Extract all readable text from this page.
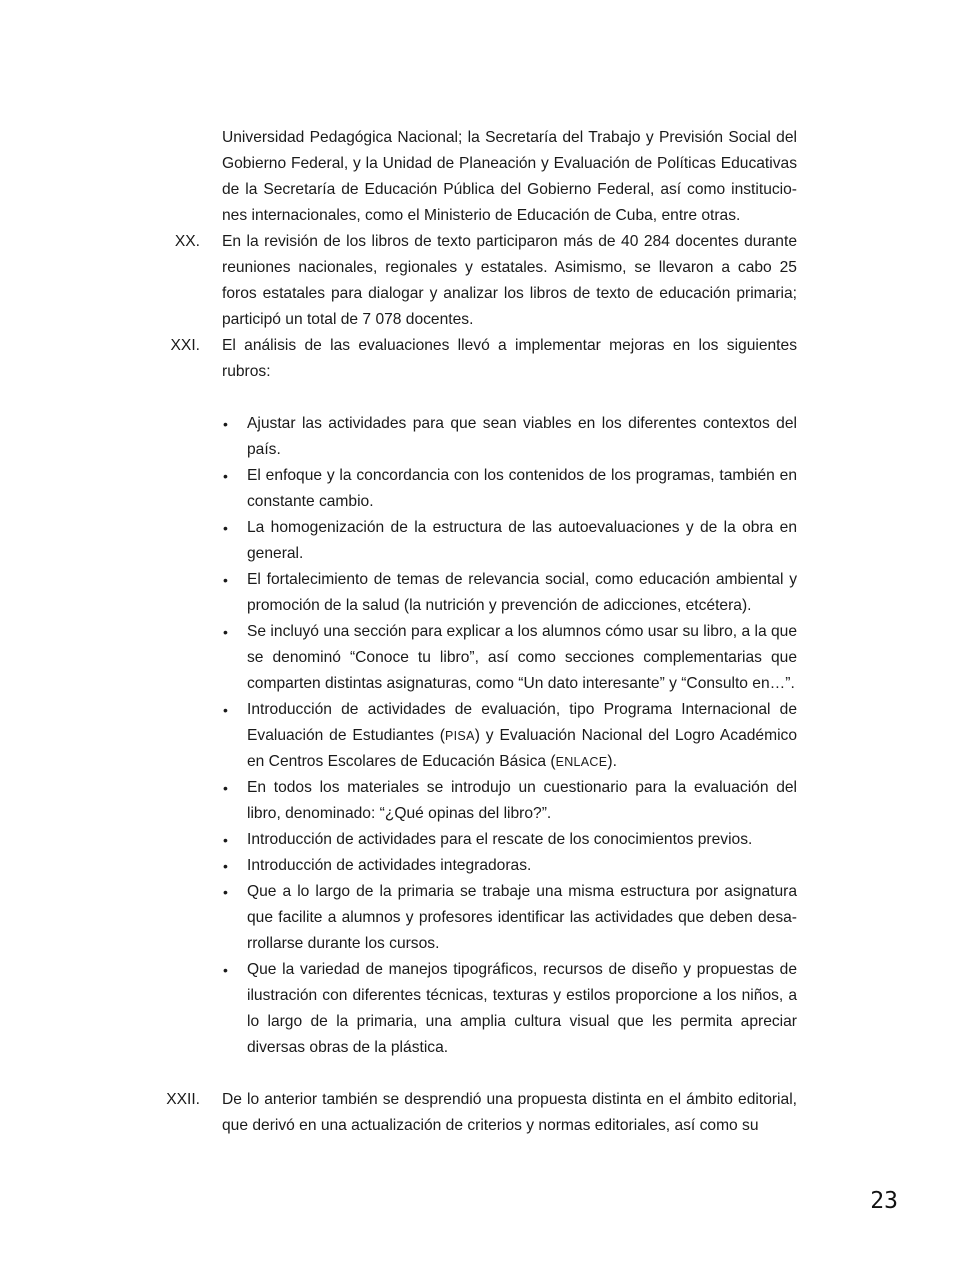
Universidad Pedagógica Nacional; la Secretaría del Trabajo y Previsión Social del Gobierno Federal, y la Unidad de Planeación y Evaluación de Políticas Educativas de la Secretaría de Educación Pública del Gobierno Federal, así como instituciones internacionales, como el Ministerio de Educación de Cuba, entre otras.

XX. En la revisión de los libros de texto participaron más de 40 284 docentes durante reuniones nacionales, regionales y estatales. Asimismo, se llevaron a cabo 25 foros estatales para dialogar y analizar los libros de texto de educación primaria; participó un total de 7 078 docentes.

XXI. El análisis de las evaluaciones llevó a implementar mejoras en los siguientes rubros:

• Ajustar las actividades para que sean viables en los diferentes contextos del país.
• El enfoque y la concordancia con los contenidos de los programas, también en constante cambio.
• La homogenización de la estructura de las autoevaluaciones y de la obra en general.
• El fortalecimiento de temas de relevancia social, como educación ambiental y promoción de la salud (la nutrición y prevención de adicciones, etcétera).
• Se incluyó una sección para explicar a los alumnos cómo usar su libro, a la que se denominó “Conoce tu libro”, así como secciones complementarias que comparten distintas asignaturas, como “Un dato interesante” y “Consulto en…”.
• Introducción de actividades de evaluación, tipo Programa Internacional de Evaluación de Estudiantes (PISA) y Evaluación Nacional del Logro Académico en Centros Escolares de Educación Básica (ENLACE).
• En todos los materiales se introdujo un cuestionario para la evaluación del libro, denominado: “¿Qué opinas del libro?”.
• Introducción de actividades para el rescate de los conocimientos previos.
• Introducción de actividades integradoras.
• Que a lo largo de la primaria se trabaje una misma estructura por asignatura que facilite a alumnos y profesores identificar las actividades que deben desarrollarse durante los cursos.
• Que la variedad de manejos tipográficos, recursos de diseño y propuestas de ilustración con diferentes técnicas, texturas y estilos proporcione a los niños, a lo largo de la primaria, una amplia cultura visual que les permita apreciar diversas obras de la plástica.
XXII. De lo anterior también se desprendió una propuesta distinta en el ámbito editorial, que derivó en una actualización de criterios y normas editoriales, así como su

23
